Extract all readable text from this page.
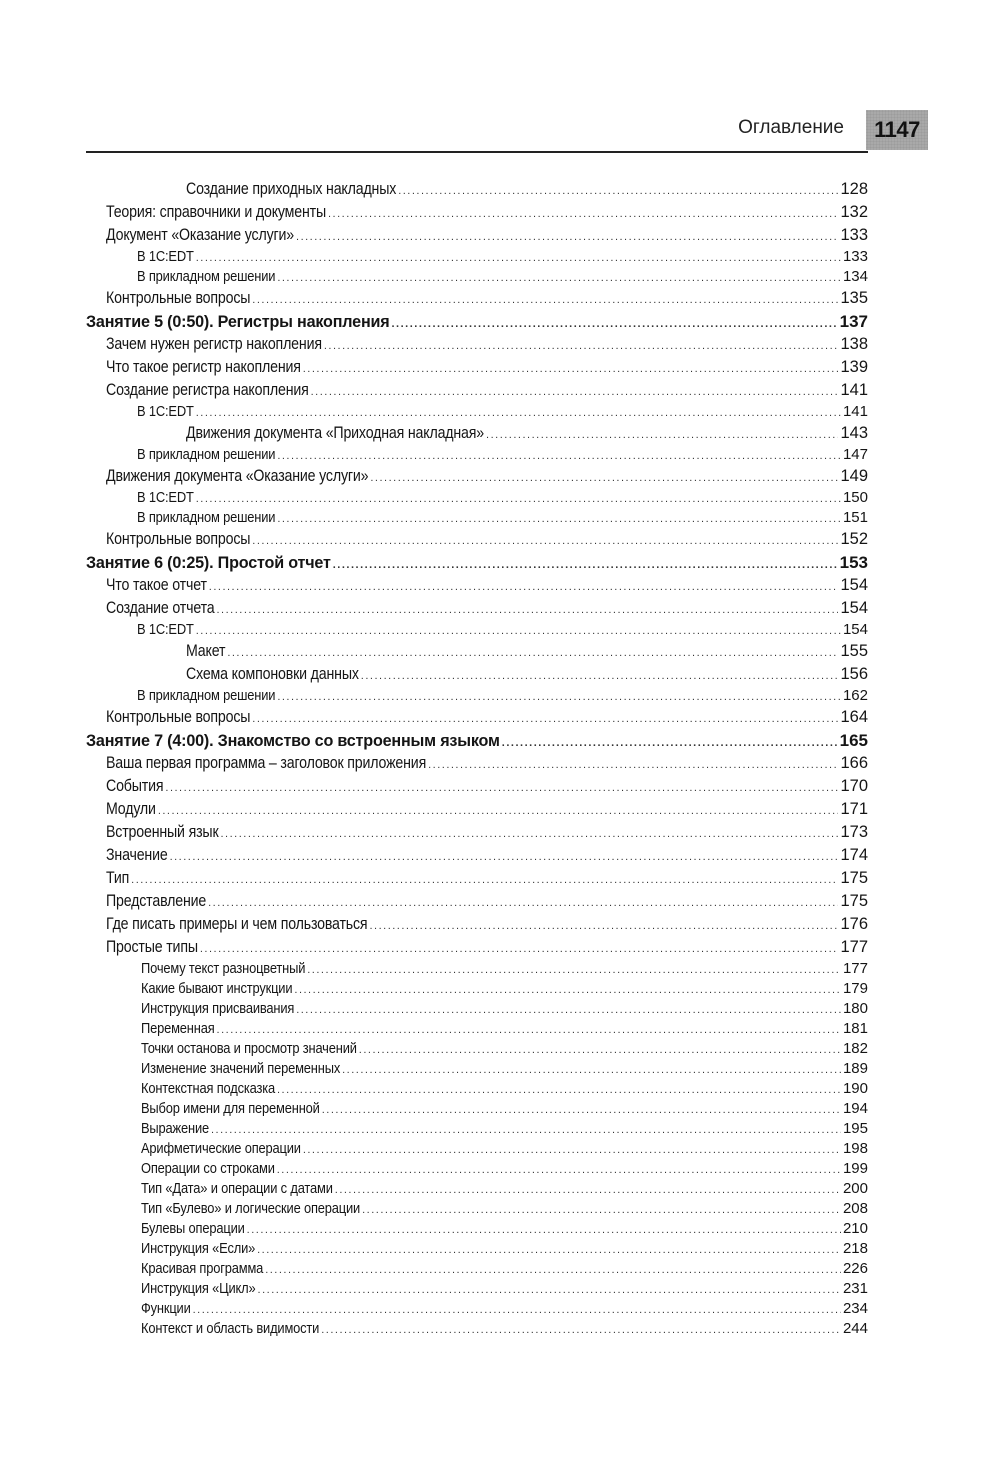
Оглавление 1147
Создание приходных накладных .....	128
Теория: справочники и документы .....	132
Документ «Оказание услуги» .....	133
В 1С:EDT .....	133
В прикладном решении .....	134
Контрольные вопросы .....	135
Занятие 5 (0:50). Регистры накопления .....	137
Зачем нужен регистр накопления .....	138
Что такое регистр накопления .....	139
Создание регистра накопления .....	141
В 1С:EDT .....	141
Движения документа «Приходная накладная» .....	143
В прикладном решении .....	147
Движения документа «Оказание услуги» .....	149
В 1С:EDT .....	150
В прикладном решении .....	151
Контрольные вопросы .....	152
Занятие 6 (0:25). Простой отчет .....	153
Что такое отчет .....	154
Создание отчета .....	154
В 1С:EDT .....	154
Макет .....	155
Схема компоновки данных .....	156
В прикладном решении .....	162
Контрольные вопросы .....	164
Занятие 7 (4:00). Знакомство со встроенным языком .....	165
Ваша первая программа – заголовок приложения .....	166
События .....	170
Модули .....	171
Встроенный язык .....	173
Значение .....	174
Тип .....	175
Представление .....	175
Где писать примеры и чем пользоваться .....	176
Простые типы .....	177
Почему текст разноцветный .....	177
Какие бывают инструкции .....	179
Инструкция присваивания .....	180
Переменная .....	181
Точки останова и просмотр значений .....	182
Изменение значений переменных .....	189
Контекстная подсказка .....	190
Выбор имени для переменной .....	194
Выражение .....	195
Арифметические операции .....	198
Операции со строками .....	199
Тип «Дата» и операции с датами .....	200
Тип «Булево» и логические операции .....	208
Булевы операции .....	210
Инструкция «Если» .....	218
Красивая программа .....	226
Инструкция «Цикл» .....	231
Функции .....	234
Контекст и область видимости .....	244
